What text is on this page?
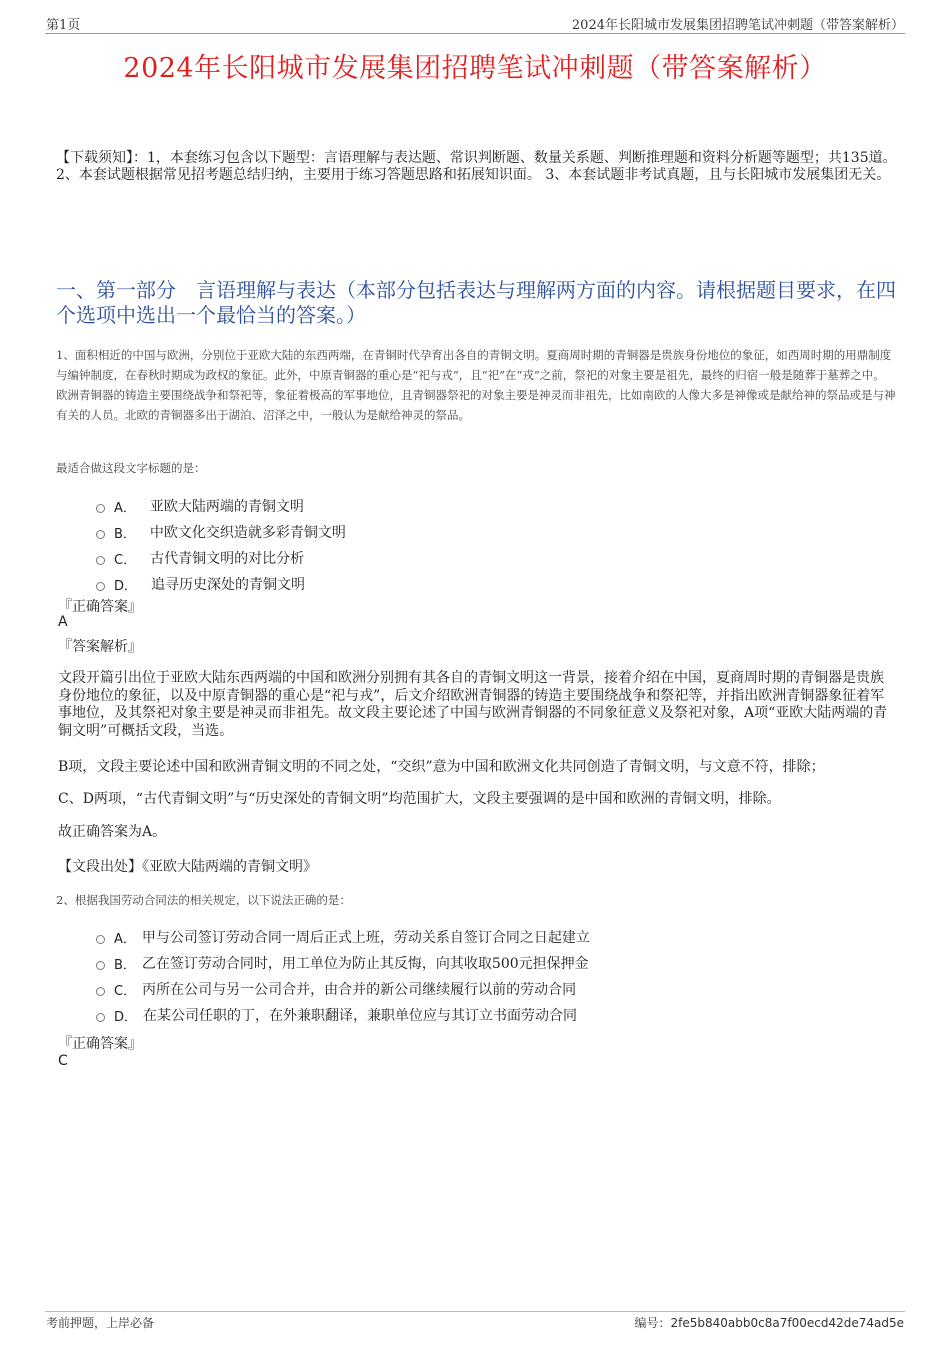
第1页	2024年长阳城市发展集团招聘笔试冲刺题（带答案解析）
2024年长阳城市发展集团招聘笔试冲刺题（带答案解析）
【下载须知】：1，本套练习包含以下题型：言语理解与表达题、常识判断题、数量关系题、判断推理题和资料分析题等题型；共135道。 2、本套试题根据常见招考题总结归纳，主要用于练习答题思路和拓展知识面。 3、本套试题非考试真题，且与长阳城市发展集团无关。
一、第一部分　言语理解与表达（本部分包括表达与理解两方面的内容。请根据题目要求，在四个选项中选出一个最恰当的答案。）
1、面积相近的中国与欧洲，分别位于亚欧大陆的东西两端，在青铜时代孕育出各自的青铜文明。夏商周时期的青铜器是贵族身份地位的象征，如西周时期的用鼎制度与编钟制度，在春秋时期成为政权的象征。此外，中原青铜器的重心是“祀与戎”，且“祀”在“戎”之前，祭祀的对象主要是祖先，最终的归宿一般是随葬于墓葬之中。欧洲青铜器的铸造主要围绕战争和祭祀等，象征着极高的军事地位，且青铜器祭祀的对象主要是神灵而非祖先，比如南欧的人像大多是神像或是献给神的祭品或是与神有关的人员。北欧的青铜器多出于湖泊、沼泽之中，一般认为是献给神灵的祭品。
最适合做这段文字标题的是：
A． 亚欧大陆两端的青铜文明
B． 中欧文化交织造就多彩青铜文明
C． 古代青铜文明的对比分析
D． 追寻历史深处的青铜文明
『正确答案』
A
『答案解析』
文段开篇引出位于亚欧大陆东西两端的中国和欧洲分别拥有其各自的青铜文明这一背景，接着介绍在中国，夏商周时期的青铜器是贵族身份地位的象征，以及中原青铜器的重心是“祀与戎”，后文介绍欧洲青铜器的铸造主要围绕战争和祭祀等，并指出欧洲青铜器象征着军事地位，及其祭祀对象主要是神灵而非祖先。故文段主要论述了中国与欧洲青铜器的不同象征意义及祭祀对象，A项“亚欧大陆两端的青铜文明”可概括文段，当选。
B项，文段主要论述中国和欧洲青铜文明的不同之处，“交织”意为中国和欧洲文化共同创造了青铜文明，与文意不符，排除；
C、D两项，“古代青铜文明”与“历史深处的青铜文明”均范围扩大，文段主要强调的是中国和欧洲的青铜文明，排除。
故正确答案为A。
【文段出处】《亚欧大陆两端的青铜文明》
2、根据我国劳动合同法的相关规定，以下说法正确的是：
A． 甲与公司签订劳动合同一周后正式上班，劳动关系自签订合同之日起建立
B． 乙在签订劳动合同时，用工单位为防止其反悔，向其收取500元担保押金
C． 丙所在公司与另一公司合并，由合并的新公司继续履行以前的劳动合同
D． 在某公司任职的丁，在外兼职翻译，兼职单位应与其订立书面劳动合同
『正确答案』
C
考前押题，上岸必备	编号：2fe5b840abb0c8a7f00ecd42de74ad5e
